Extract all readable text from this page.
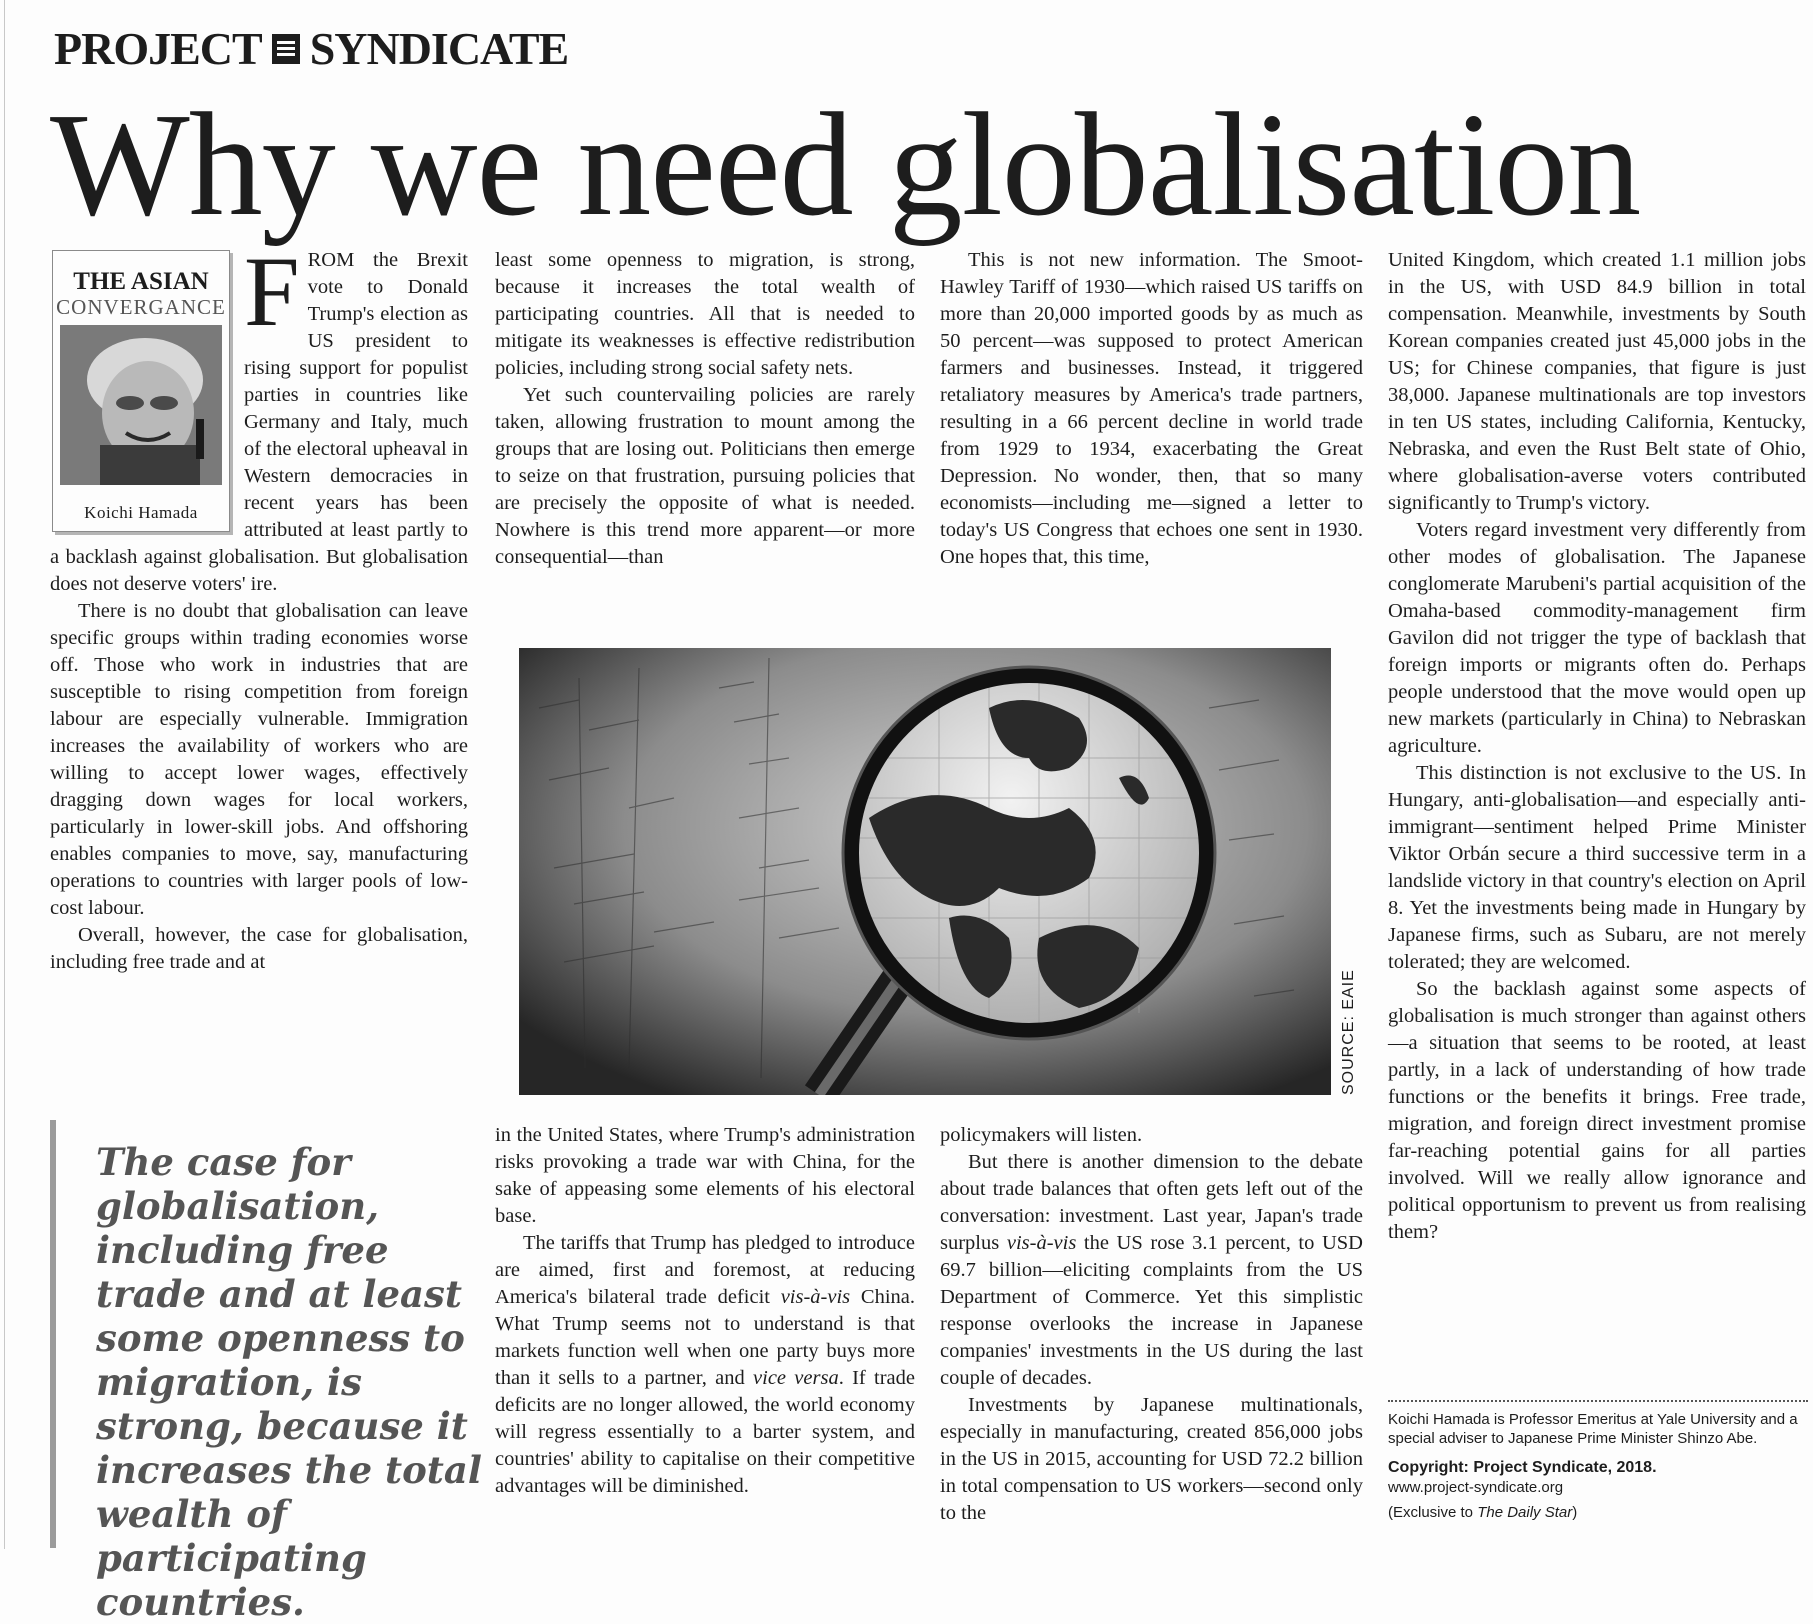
PROJECT SYNDICATE
Why we need globalisation
THE ASIAN
CONVERGANCE
Koichi Hamada
F ROM the Brexit vote to Donald Trump's election as US president to rising support for populist parties in countries like Germany and Italy, much of the electoral upheaval in Western democracies in recent years has been attributed at least partly to a backlash against globalisation. But globalisation does not deserve voters' ire.

There is no doubt that globalisation can leave specific groups within trading economies worse off. Those who work in industries that are susceptible to rising competition from foreign labour are especially vulnerable. Immigration increases the availability of workers who are willing to accept lower wages, effectively dragging down wages for local workers, particularly in lower-skill jobs. And offshoring enables companies to move, say, manufacturing operations to countries with larger pools of low-cost labour.

Overall, however, the case for globalisation, including free trade and at

least some openness to migration, is strong, because it increases the total wealth of participating countries. All that is needed to mitigate its weaknesses is effective redistribution policies, including strong social safety nets.

Yet such countervailing policies are rarely taken, allowing frustration to mount among the groups that are losing out. Politicians then emerge to seize on that frustration, pursuing policies that are precisely the opposite of what is needed. Nowhere is this trend more apparent—or more consequential—than

This is not new information. The Smoot-Hawley Tariff of 1930—which raised US tariffs on more than 20,000 imported goods by as much as 50 percent—was supposed to protect American farmers and businesses. Instead, it triggered retaliatory measures by America's trade partners, resulting in a 66 percent decline in world trade from 1929 to 1934, exacerbating the Great Depression. No wonder, then, that so many economists—including me—signed a letter to today's US Congress that echoes one sent in 1930. One hopes that, this time,

United Kingdom, which created 1.1 million jobs in the US, with USD 84.9 billion in total compensation. Meanwhile, investments by South Korean companies created just 45,000 jobs in the US; for Chinese companies, that figure is just 38,000. Japanese multinationals are top investors in ten US states, including California, Kentucky, Nebraska, and even the Rust Belt state of Ohio, where globalisation-averse voters contributed significantly to Trump's victory.

Voters regard investment very differently from other modes of globalisation. The Japanese conglomerate Marubeni's partial acquisition of the Omaha-based commodity-management firm Gavilon did not trigger the type of backlash that foreign imports or migrants often do. Perhaps people understood that the move would open up new markets (particularly in China) to Nebraskan agriculture.

This distinction is not exclusive to the US. In Hungary, anti-globalisation—and especially anti-immigrant—sentiment helped Prime Minister Viktor Orbán secure a third successive term in a landslide victory in that country's election on April 8. Yet the investments being made in Hungary by Japanese firms, such as Subaru, are not merely tolerated; they are welcomed.

So the backlash against some aspects of globalisation is much stronger than against others—a situation that seems to be rooted, at least partly, in a lack of understanding of how trade functions or the benefits it brings. Free trade, migration, and foreign direct investment promise far-reaching potential gains for all parties involved. Will we really allow ignorance and political opportunism to prevent us from realising them?

SOURCE: EAIE
The case for globalisation, including free trade and at least some openness to migration, is strong, because it increases the total wealth of participating countries.

in the United States, where Trump's administration risks provoking a trade war with China, for the sake of appeasing some elements of his electoral base.

The tariffs that Trump has pledged to introduce are aimed, first and foremost, at reducing America's bilateral trade deficit vis-à-vis China. What Trump seems not to understand is that markets function well when one party buys more than it sells to a partner, and vice versa. If trade deficits are no longer allowed, the world economy will regress essentially to a barter system, and countries' ability to capitalise on their competitive advantages will be diminished.

policymakers will listen.

But there is another dimension to the debate about trade balances that often gets left out of the conversation: investment. Last year, Japan's trade surplus vis-à-vis the US rose 3.1 percent, to USD 69.7 billion—eliciting complaints from the US Department of Commerce. Yet this simplistic response overlooks the increase in Japanese companies' investments in the US during the last couple of decades.

Investments by Japanese multinationals, especially in manufacturing, created 856,000 jobs in the US in 2015, accounting for USD 72.2 billion in total compensation to US workers—second only to the

Koichi Hamada is Professor Emeritus at Yale University and a special adviser to Japanese Prime Minister Shinzo Abe.
Copyright: Project Syndicate, 2018.
www.project-syndicate.org
(Exclusive to The Daily Star)
